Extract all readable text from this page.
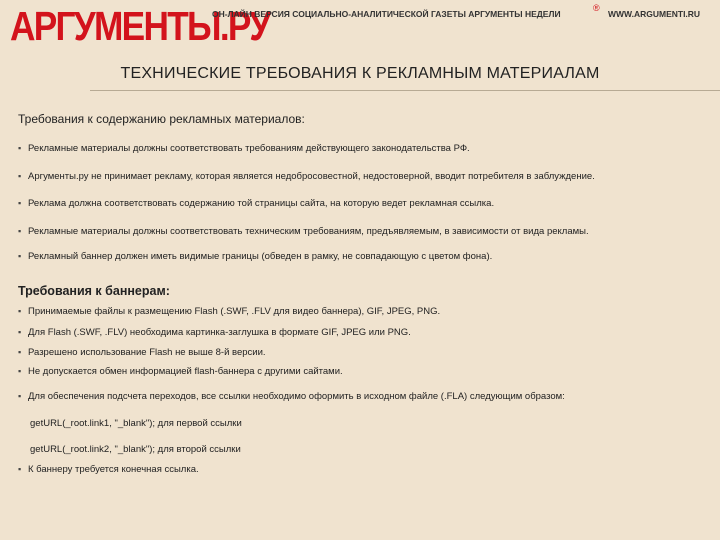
АРГУМЕНТЫ.РУ
ОН-ЛАЙН ВЕРСИЯ СОЦИАЛЬНО-АНАЛИТИЧЕСКОЙ ГАЗЕТЫ АРГУМЕНТЫ НЕДЕЛИ
®
WWW.ARGUMENTI.RU
ТЕХНИЧЕСКИЕ ТРЕБОВАНИЯ К РЕКЛАМНЫМ МАТЕРИАЛАМ
Требования к содержанию рекламных материалов:
▪ Рекламные материалы должны соответствовать требованиям действующего законодательства РФ.
▪ Аргументы.ру не принимает рекламу, которая является недобросовестной, недостоверной, вводит потребителя в заблуждение.
▪ Реклама должна соответствовать содержанию той страницы сайта, на которую ведет рекламная ссылка.
▪ Рекламные материалы должны соответствовать техническим требованиям, предъявляемым, в зависимости от вида рекламы.
▪ Рекламный баннер должен иметь видимые границы (обведен в рамку, не совпадающую с цветом фона).
Требования к баннерам:
▪ Принимаемые файлы к размещению Flash (.SWF, .FLV для видео баннера), GIF, JPEG, PNG.
▪ Для Flash (.SWF, .FLV) необходима картинка-заглушка в формате GIF, JPEG или PNG.
▪ Разрешено использование Flash не выше 8-й версии.
▪ Не допускается обмен информацией flash-баннера с другими сайтами.
▪ Для обеспечения подсчета переходов, все ссылки необходимо оформить в исходном файле (.FLA) следующим образом:
getURL(_root.link1, "_blank"); для первой ссылки
getURL(_root.link2, "_blank"); для второй ссылки
▪ К баннеру требуется конечная ссылка.
